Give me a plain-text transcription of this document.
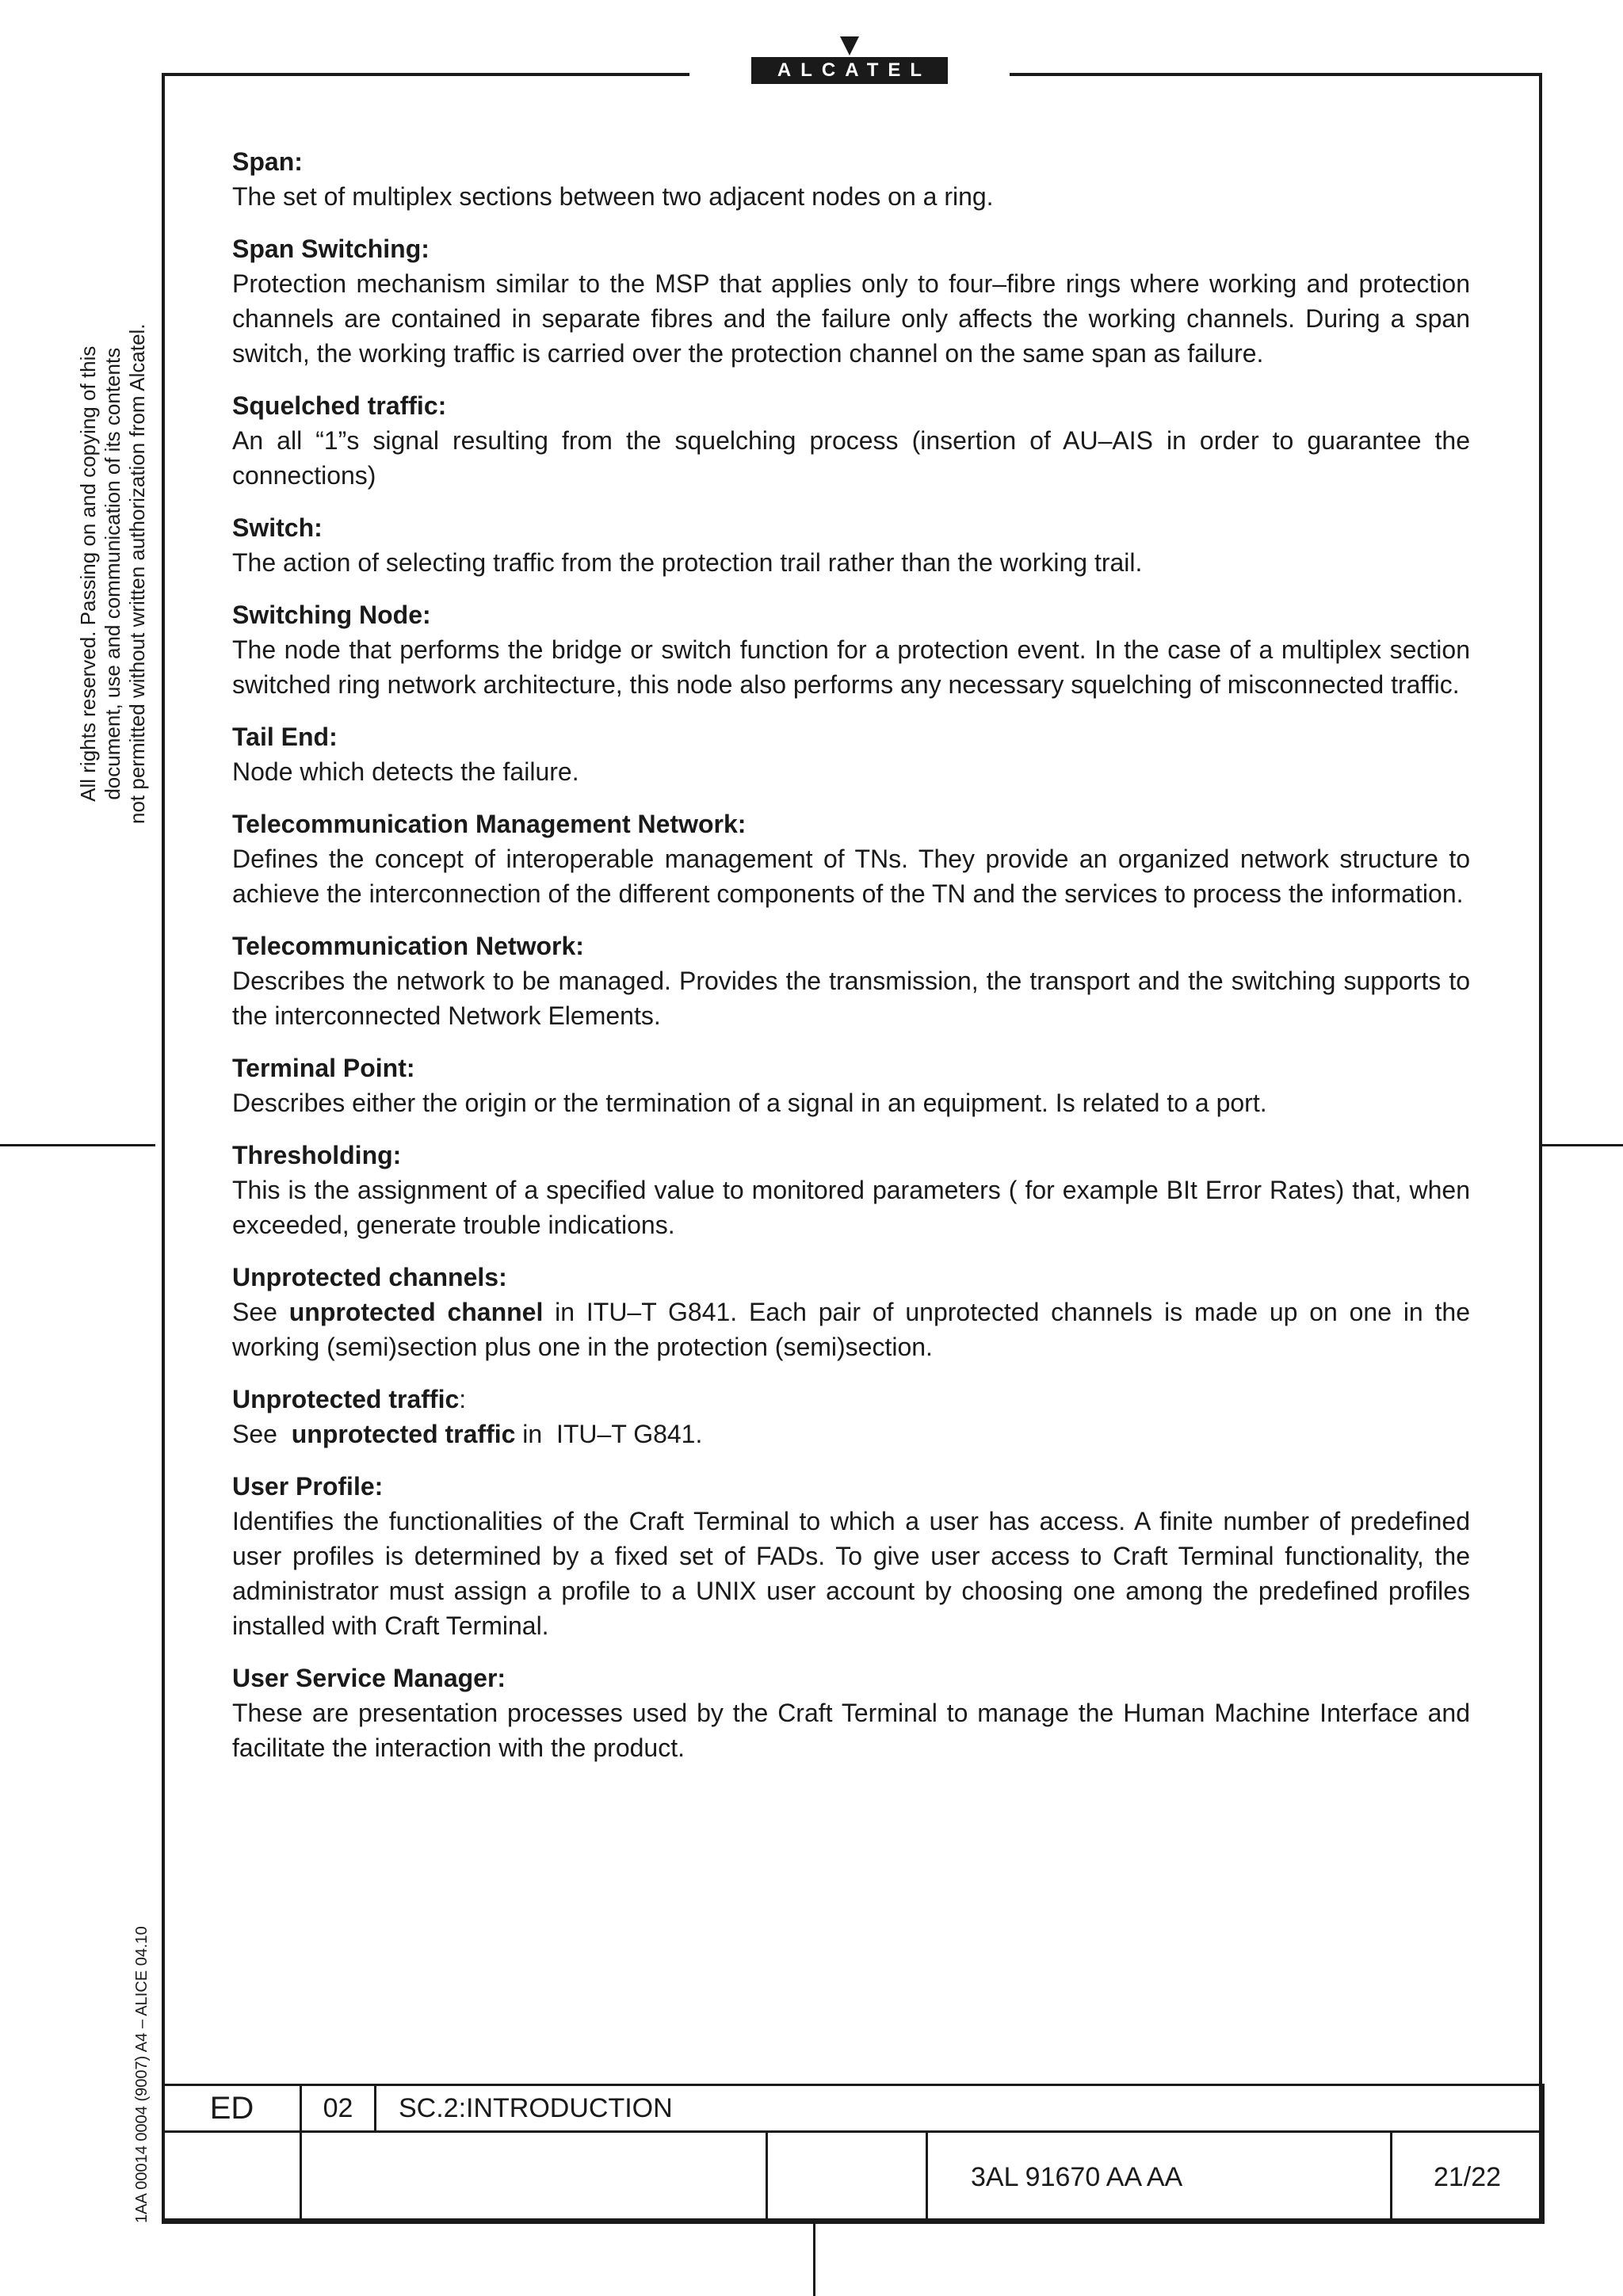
ALCATEL
All rights reserved. Passing on and copying of this document, use and communication of its contents not permitted without written authorization from Alcatel.
1AA 00014 0004 (9007) A4 – ALICE 04.10
Span:
The set of multiplex sections between two adjacent nodes on a ring.
Span Switching:
Protection mechanism similar to the MSP that applies only to four–fibre rings where working and protection channels are contained in separate fibres and the failure only affects the working channels. During a span switch, the working traffic is carried over the protection channel on the same span as failure.
Squelched traffic:
An all “1”s signal resulting from the squelching process (insertion of AU–AIS in order to guarantee the connections)
Switch:
The action of selecting traffic from the protection trail rather than the working trail.
Switching Node:
The node that performs the bridge or switch function for a protection event. In the case of a multiplex section switched ring network architecture, this node also performs any necessary squelching of misconnected traffic.
Tail End:
Node which detects the failure.
Telecommunication Management Network:
Defines the concept of interoperable management of TNs. They provide an organized network structure to achieve the interconnection of the different components of the TN and the services to process the information.
Telecommunication Network:
Describes the network to be managed. Provides the transmission, the transport and the switching supports to the interconnected Network Elements.
Terminal Point:
Describes either the origin or the termination of a signal in an equipment. Is related to a port.
Thresholding:
This is the assignment of a specified value to monitored parameters ( for example BIt Error Rates) that, when exceeded, generate trouble indications.
Unprotected channels:
See unprotected channel in ITU–T G841. Each pair of unprotected channels is made up on one in the working (semi)section plus one in the protection (semi)section.
Unprotected traffic:
See  unprotected traffic in  ITU–T G841.
User Profile:
Identifies the functionalities of the Craft Terminal to which a user has access. A finite number of predefined user profiles is determined by a fixed set of FADs. To give user access to Craft Terminal functionality, the administrator must assign a profile to a UNIX user account by choosing one among the predefined profiles installed with Craft Terminal.
User Service Manager:
These are presentation processes used by the Craft Terminal to manage the Human Machine Interface and facilitate the interaction with the product.
ED	02	SC.2:INTRODUCTION			
				3AL 91670 AA AA	21/22
